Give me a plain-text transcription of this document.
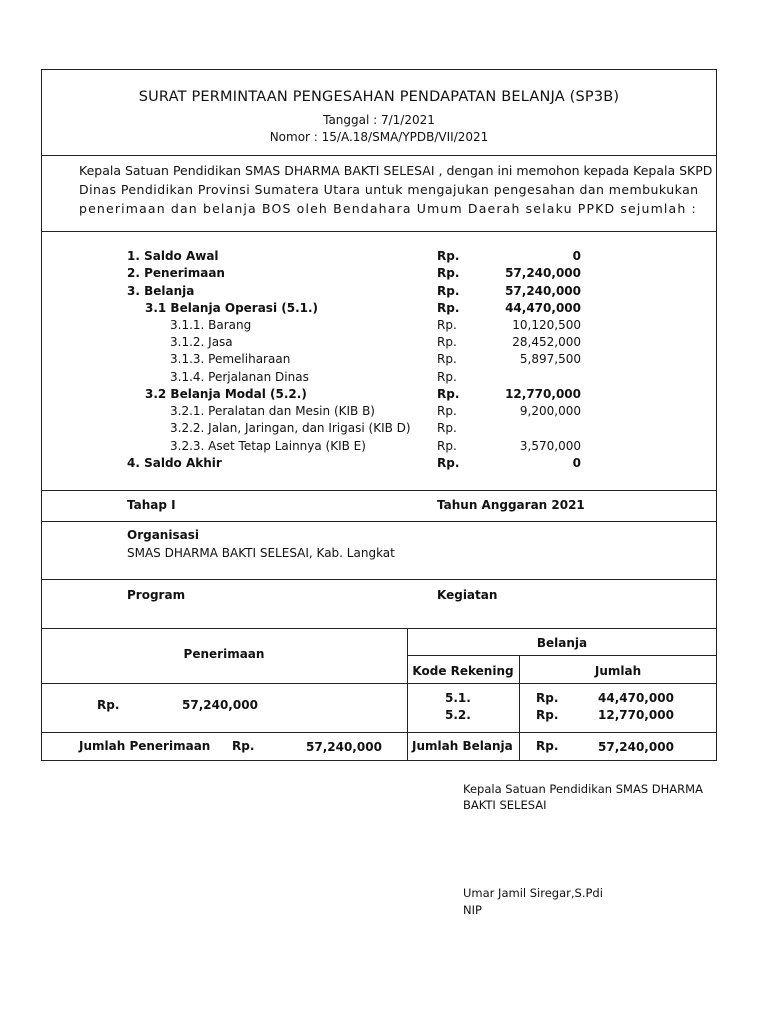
SURAT PERMINTAAN PENGESAHAN PENDAPATAN BELANJA (SP3B)
Tanggal : 7/1/2021
Nomor : 15/A.18/SMA/YPDB/VII/2021

Kepala Satuan Pendidikan SMAS DHARMA BAKTI SELESAI , dengan ini memohon kepada Kepala SKPD

Dinas Pendidikan Provinsi Sumatera Utara untuk mengajukan pengesahan dan membukukan

penerimaan dan belanja BOS oleh Bendahara Umum Daerah selaku PPKD sejumlah :

1. Saldo Awal	Rp.	0
2. Penerimaan	Rp.	57,240,000
3. Belanja	Rp.	57,240,000
3.1 Belanja Operasi (5.1.)	Rp.	44,470,000
3.1.1. Barang	Rp.	10,120,500
3.1.2. Jasa	Rp.	28,452,000
3.1.3. Pemeliharaan	Rp.	5,897,500
3.1.4. Perjalanan Dinas	Rp.
3.2 Belanja Modal (5.2.)	Rp.	12,770,000
3.2.1. Peralatan dan Mesin (KIB B)	Rp.	9,200,000
3.2.2. Jalan, Jaringan, dan Irigasi (KIB D) Rp.
3.2.3. Aset Tetap Lainnya (KIB E)	Rp.	3,570,000
4. Saldo Akhir	Rp.	0
Tahap I	Tahun Anggaran 2021
Organisasi
SMAS DHARMA BAKTI SELESAI, Kab. Langkat
Program	Kegiatan
Penerimaan
Belanja
Kode Rekening	Jumlah
Rp.	57,240,000	5.1.	Rp.	44,470,000
5.2.	Rp.	12,770,000
Jumlah Penerimaan Rp.	57,240,000	Jumlah Belanja Rp.	57,240,000
Kepala Satuan Pendidikan SMAS DHARMA
BAKTI SELESAI
Umar Jamil Siregar,S.Pdi
NIP
